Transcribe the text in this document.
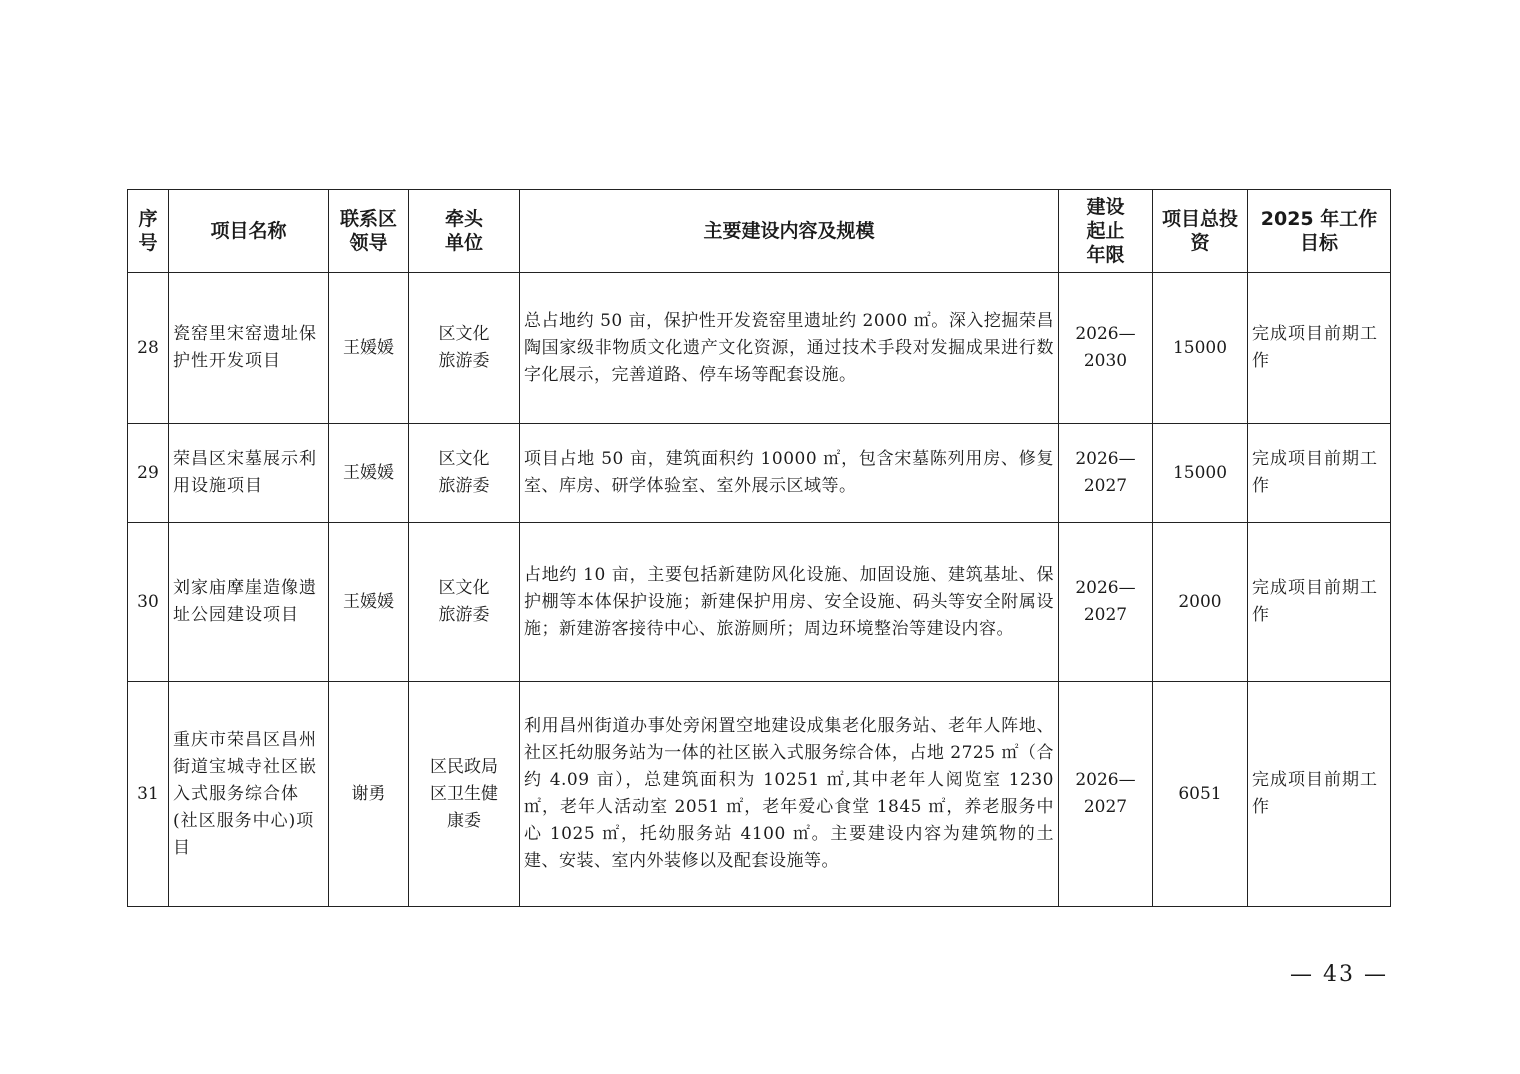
序号	项目名称	联系区领导	牵头单位	主要建设内容及规模	建设起止年限	项目总投资	2025 年工作目标
28	瓷窑里宋窑遗址保护性开发项目	王媛媛	区文化旅游委	总占地约 50 亩，保护性开发瓷窑里遗址约 2000 ㎡。深入挖掘荣昌陶国家级非物质文化遗产文化资源，通过技术手段对发掘成果进行数字化展示，完善道路、停车场等配套设施。	2026—2030	15000	完成项目前期工作
29	荣昌区宋墓展示利用设施项目	王媛媛	区文化旅游委	项目占地 50 亩，建筑面积约 10000 ㎡，包含宋墓陈列用房、修复室、库房、研学体验室、室外展示区域等。	2026—2027	15000	完成项目前期工作
30	刘家庙摩崖造像遗址公园建设项目	王媛媛	区文化旅游委	占地约 10 亩，主要包括新建防风化设施、加固设施、建筑基址、保护棚等本体保护设施；新建保护用房、安全设施、码头等安全附属设施；新建游客接待中心、旅游厕所；周边环境整治等建设内容。	2026—2027	2000	完成项目前期工作
31	重庆市荣昌区昌州街道宝城寺社区嵌入式服务综合体(社区服务中心)项目	谢勇	区民政局区卫生健康委	利用昌州街道办事处旁闲置空地建设成集老化服务站、老年人阵地、社区托幼服务站为一体的社区嵌入式服务综合体，占地 2725 ㎡（合约 4.09 亩），总建筑面积为 10251 ㎡,其中老年人阅览室 1230 ㎡，老年人活动室 2051 ㎡，老年爱心食堂 1845 ㎡，养老服务中心 1025 ㎡，托幼服务站 4100 ㎡。主要建设内容为建筑物的土建、安装、室内外装修以及配套设施等。	2026—2027	6051	完成项目前期工作
— 43 —
